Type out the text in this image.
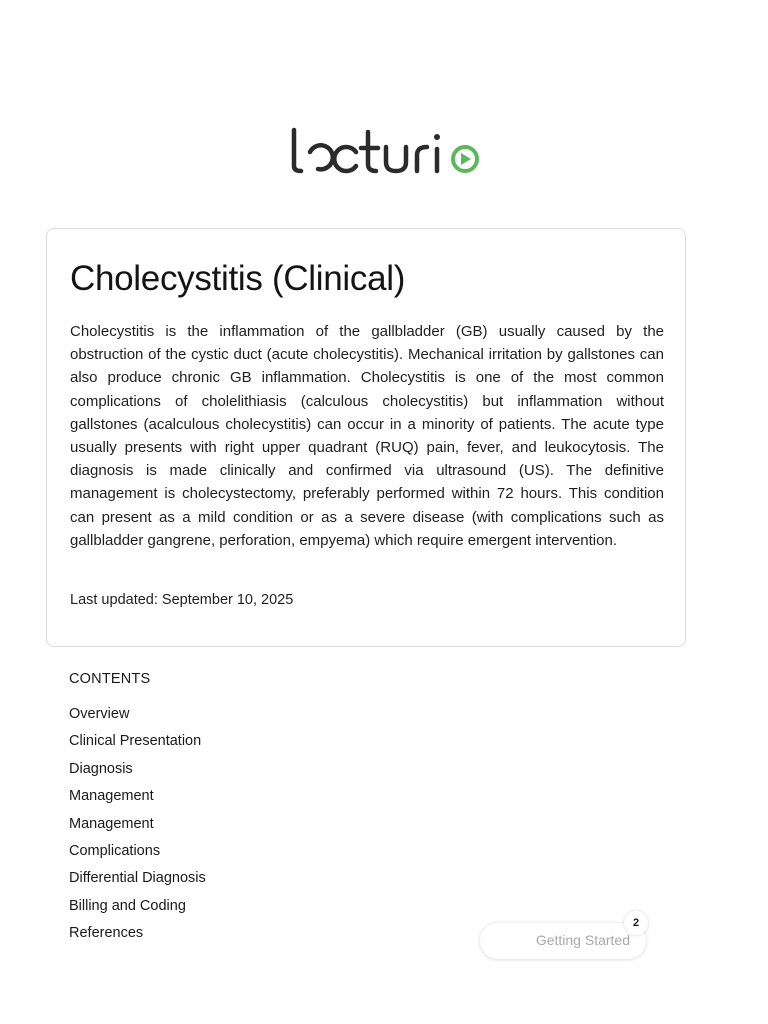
Cholecystitis (Clinical)

Cholecystitis is the inflammation of the gallbladder (GB) usually caused by the obstruction of the cystic duct (acute cholecystitis). Mechanical irritation by gallstones can also produce chronic GB inflammation. Cholecystitis is one of the most common complications of cholelithiasis (calculous cholecystitis) but inflammation without gallstones (acalculous cholecystitis) can occur in a minority of patients. The acute type usually presents with right upper quadrant (RUQ) pain, fever, and leukocytosis. The diagnosis is made clinically and confirmed via ultrasound (US). The definitive management is cholecystectomy, preferably performed within 72 hours. This condition can present as a mild condition or as a severe disease (with complications such as gallbladder gangrene, perforation, empyema) which require emergent intervention.

Last updated: September 10, 2025

CONTENTS
Overview
Clinical Presentation
Diagnosis
Management
Management
Complications
Differential Diagnosis
Billing and Coding
References	Getting Started
2
